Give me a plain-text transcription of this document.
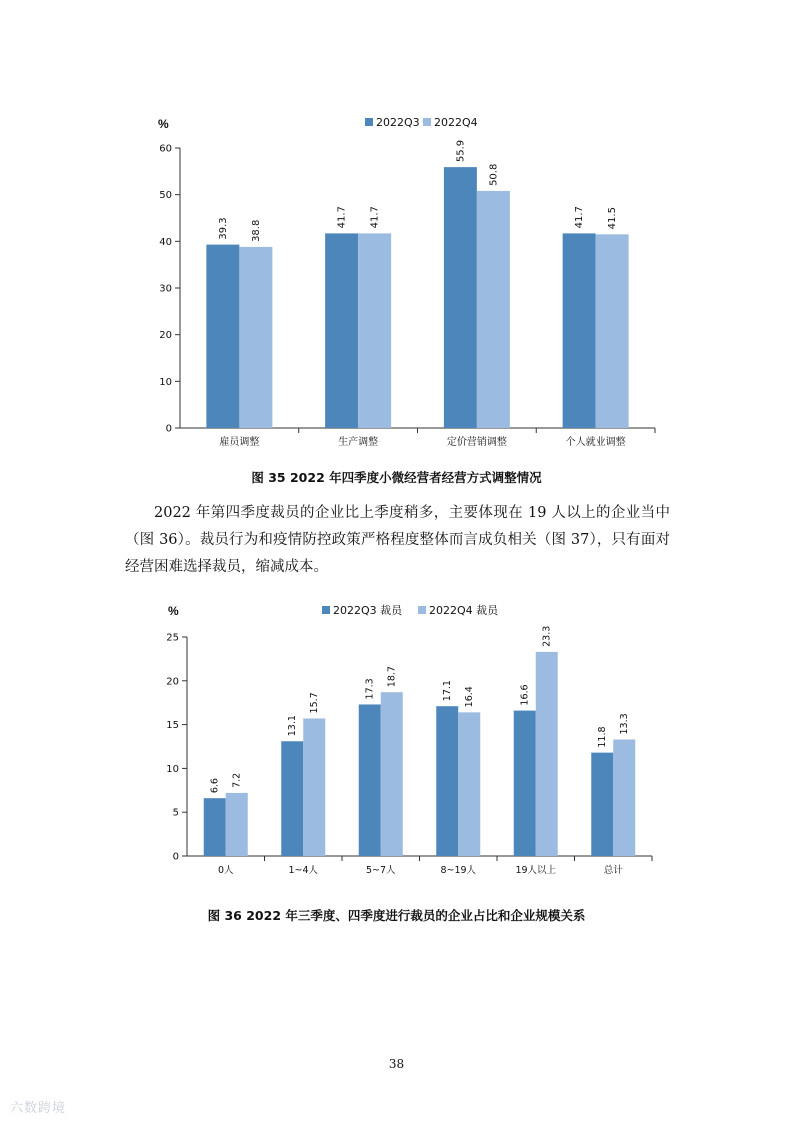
0
10
20
30
40
50
60
雇员调整
39.3 38.8
生产调整
41.7 41.7
定价营销调整
55.9
50.8
个人就业调整
41.7 41.5
2022Q3 2022Q4
0
5
10
15
20
25
0人
6.6 7.2
1~4人
13.1
15.7
5~7人
17.3
18.7
8~19人
17.1 16.4
19人以上
16.6
23.3
总计
11.8
13.3
2022Q3 裁员 2022Q4 裁员
%
图 35 2022 年四季度小微经营者经营方式调整情况

2022 年第四季度裁员的企业比上季度稍多，主要体现在 19 人以上的企业当中（图 36）。裁员行为和疫情防控政策严格程度整体而言成负相关（图 37），只有面对经营困难选择裁员，缩减成本。

%
图 36 2022 年三季度、四季度进行裁员的企业占比和企业规模关系
38
六数跨境
